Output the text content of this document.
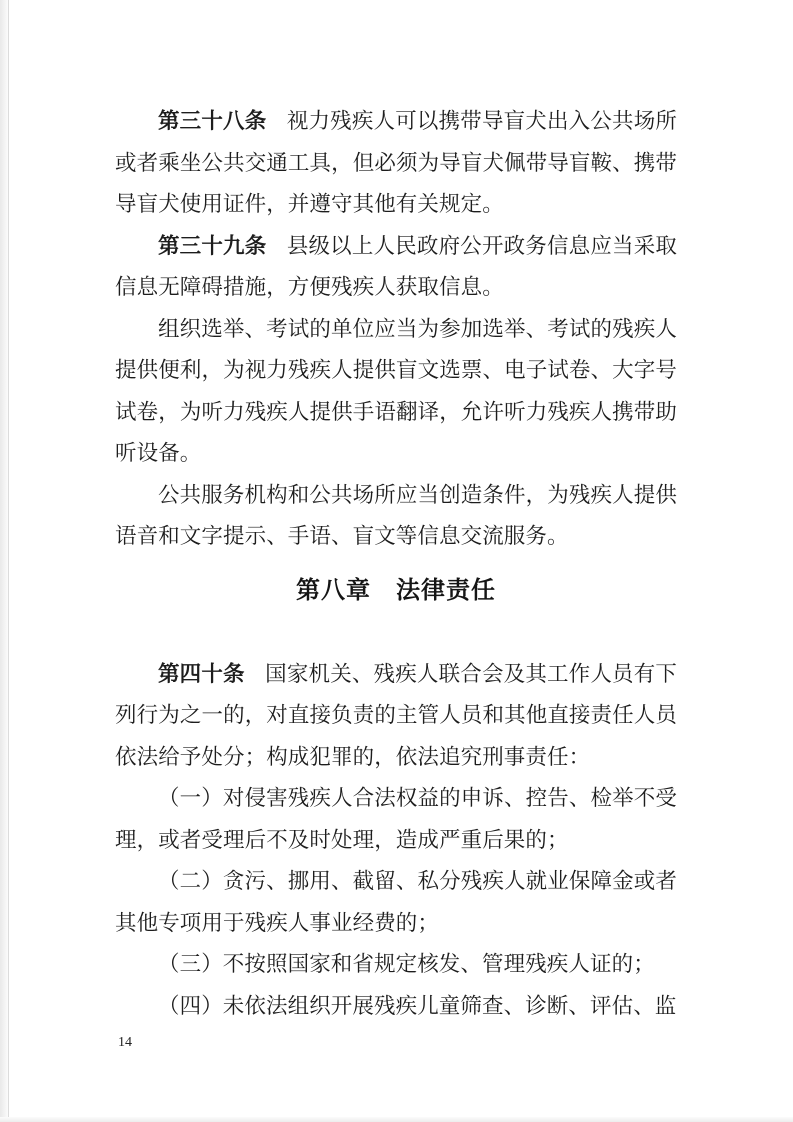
第三十八条 视力残疾人可以携带导盲犬出入公共场所或者乘坐公共交通工具，但必须为导盲犬佩带导盲鞍、携带导盲犬使用证件，并遵守其他有关规定。

第三十九条 县级以上人民政府公开政务信息应当采取信息无障碍措施，方便残疾人获取信息。

组织选举、考试的单位应当为参加选举、考试的残疾人提供便利，为视力残疾人提供盲文选票、电子试卷、大字号试卷，为听力残疾人提供手语翻译，允许听力残疾人携带助听设备。

公共服务机构和公共场所应当创造条件，为残疾人提供语音和文字提示、手语、盲文等信息交流服务。

第八章　法律责任

第四十条 国家机关、残疾人联合会及其工作人员有下列行为之一的，对直接负责的主管人员和其他直接责任人员依法给予处分；构成犯罪的，依法追究刑事责任：

（一）对侵害残疾人合法权益的申诉、控告、检举不受理，或者受理后不及时处理，造成严重后果的；

（二）贪污、挪用、截留、私分残疾人就业保障金或者其他专项用于残疾人事业经费的；

（三）不按照国家和省规定核发、管理残疾人证的；

（四）未依法组织开展残疾儿童筛查、诊断、评估、监

14
